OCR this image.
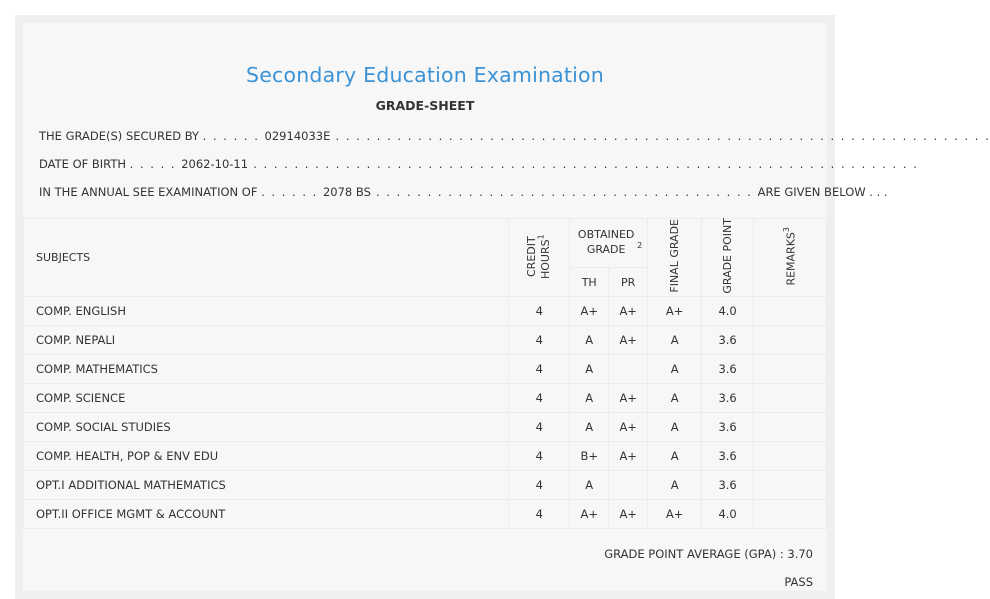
Secondary Education Examination
GRADE-SHEET
THE GRADE(S) SECURED BY . . . . . . 02914033E . . . . . . . . . . . . . . . . . . . . . . . . . . . . . . . . . . . . . . . . . . . . . . . . . . . . . . . . . . . . . . . .
DATE OF BIRTH . . . . . 2062-10-11 . . . . . . . . . . . . . . . . . . . . . . . . . . . . . . . . . . . . . . . . . . . . . . . . . . . . . . . . . . . . . . . . .
IN THE ANNUAL SEE EXAMINATION OF . . . . . . 2078 BS . . . . . . . . . . . . . . . . . . . . . . . . . . . . . . . . . . . . . ARE GIVEN BELOW . . .
SUBJECTS	CREDIT HOURS$^1$	OBTAINED GRADE $^2$		FINAL GRADE	GRADE POINT	REMARKS$^3$
		TH	PR			
COMP. ENGLISH	4	A+	A+	A+	4.0	
COMP. NEPALI	4	A	A+	A	3.6	
COMP. MATHEMATICS	4	A		A	3.6	
COMP. SCIENCE	4	A	A+	A	3.6	
COMP. SOCIAL STUDIES	4	A	A+	A	3.6	
COMP. HEALTH, POP & ENV EDU	4	B+	A+	A	3.6	
OPT.I ADDITIONAL MATHEMATICS	4	A		A	3.6	
OPT.II OFFICE MGMT & ACCOUNT	4	A+	A+	A+	4.0	
GRADE POINT AVERAGE (GPA) : 3.70
PASS
